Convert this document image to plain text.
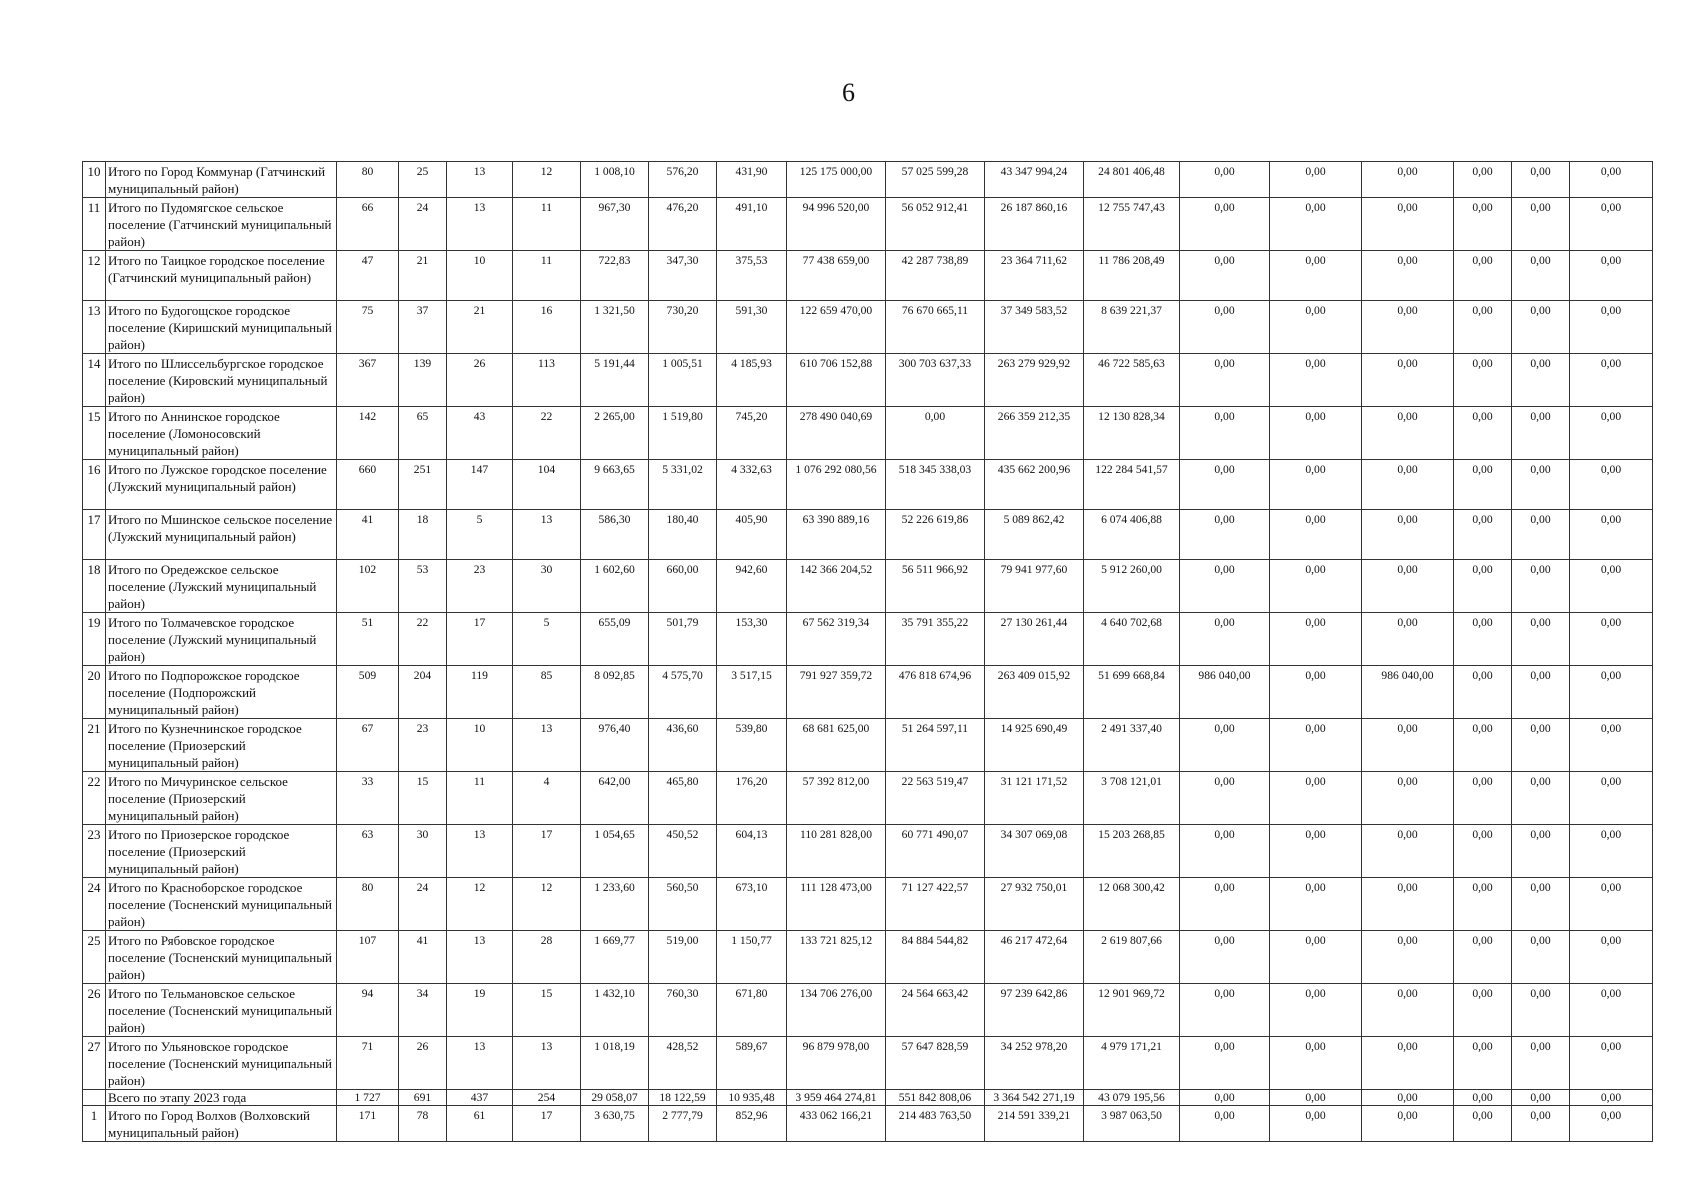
6
10	Итого по Город Коммунар (Гатчинский муниципальный район)	80	25	13	12	1 008,10	576,20	431,90	125 175 000,00	57 025 599,28	43 347 994,24	24 801 406,48	0,00	0,00	0,00	0,00	0,00	0,00
11	Итого по Пудомягское сельское поселение (Гатчинский муниципальный район)	66	24	13	11	967,30	476,20	491,10	94 996 520,00	56 052 912,41	26 187 860,16	12 755 747,43	0,00	0,00	0,00	0,00	0,00	0,00
12	Итого по Таицкое городское поселение (Гатчинский муниципальный район)	47	21	10	11	722,83	347,30	375,53	77 438 659,00	42 287 738,89	23 364 711,62	11 786 208,49	0,00	0,00	0,00	0,00	0,00	0,00
13	Итого по Будогощское городское поселение (Киришский муниципальный район)	75	37	21	16	1 321,50	730,20	591,30	122 659 470,00	76 670 665,11	37 349 583,52	8 639 221,37	0,00	0,00	0,00	0,00	0,00	0,00
14	Итого по Шлиссельбургское городское поселение (Кировский муниципальный район)	367	139	26	113	5 191,44	1 005,51	4 185,93	610 706 152,88	300 703 637,33	263 279 929,92	46 722 585,63	0,00	0,00	0,00	0,00	0,00	0,00
15	Итого по Аннинское городское поселение (Ломоносовский муниципальный район)	142	65	43	22	2 265,00	1 519,80	745,20	278 490 040,69	0,00	266 359 212,35	12 130 828,34	0,00	0,00	0,00	0,00	0,00	0,00
16	Итого по Лужское городское поселение (Лужский муниципальный район)	660	251	147	104	9 663,65	5 331,02	4 332,63	1 076 292 080,56	518 345 338,03	435 662 200,96	122 284 541,57	0,00	0,00	0,00	0,00	0,00	0,00
17	Итого по Мшинское сельское поселение (Лужский муниципальный район)	41	18	5	13	586,30	180,40	405,90	63 390 889,16	52 226 619,86	5 089 862,42	6 074 406,88	0,00	0,00	0,00	0,00	0,00	0,00
18	Итого по Оредежское сельское поселение (Лужский муниципальный район)	102	53	23	30	1 602,60	660,00	942,60	142 366 204,52	56 511 966,92	79 941 977,60	5 912 260,00	0,00	0,00	0,00	0,00	0,00	0,00
19	Итого по Толмачевское городское поселение (Лужский муниципальный район)	51	22	17	5	655,09	501,79	153,30	67 562 319,34	35 791 355,22	27 130 261,44	4 640 702,68	0,00	0,00	0,00	0,00	0,00	0,00
20	Итого по Подпорожское городское поселение (Подпорожский муниципальный район)	509	204	119	85	8 092,85	4 575,70	3 517,15	791 927 359,72	476 818 674,96	263 409 015,92	51 699 668,84	986 040,00	0,00	986 040,00	0,00	0,00	0,00
21	Итого по Кузнечнинское городское поселение (Приозерский муниципальный район)	67	23	10	13	976,40	436,60	539,80	68 681 625,00	51 264 597,11	14 925 690,49	2 491 337,40	0,00	0,00	0,00	0,00	0,00	0,00
22	Итого по Мичуринское сельское поселение (Приозерский муниципальный район)	33	15	11	4	642,00	465,80	176,20	57 392 812,00	22 563 519,47	31 121 171,52	3 708 121,01	0,00	0,00	0,00	0,00	0,00	0,00
23	Итого по Приозерское городское поселение (Приозерский муниципальный район)	63	30	13	17	1 054,65	450,52	604,13	110 281 828,00	60 771 490,07	34 307 069,08	15 203 268,85	0,00	0,00	0,00	0,00	0,00	0,00
24	Итого по Красноборское городское поселение (Тосненский муниципальный район)	80	24	12	12	1 233,60	560,50	673,10	111 128 473,00	71 127 422,57	27 932 750,01	12 068 300,42	0,00	0,00	0,00	0,00	0,00	0,00
25	Итого по Рябовское городское поселение (Тосненский муниципальный район)	107	41	13	28	1 669,77	519,00	1 150,77	133 721 825,12	84 884 544,82	46 217 472,64	2 619 807,66	0,00	0,00	0,00	0,00	0,00	0,00
26	Итого по Тельмановское сельское поселение (Тосненский муниципальный район)	94	34	19	15	1 432,10	760,30	671,80	134 706 276,00	24 564 663,42	97 239 642,86	12 901 969,72	0,00	0,00	0,00	0,00	0,00	0,00
27	Итого по Ульяновское городское поселение (Тосненский муниципальный район)	71	26	13	13	1 018,19	428,52	589,67	96 879 978,00	57 647 828,59	34 252 978,20	4 979 171,21	0,00	0,00	0,00	0,00	0,00	0,00
	Всего по этапу 2023 года	1 727	691	437	254	29 058,07	18 122,59	10 935,48	3 959 464 274,81	551 842 808,06	3 364 542 271,19	43 079 195,56	0,00	0,00	0,00	0,00	0,00	0,00
1	Итого по Город Волхов (Волховский муниципальный район)	171	78	61	17	3 630,75	2 777,79	852,96	433 062 166,21	214 483 763,50	214 591 339,21	3 987 063,50	0,00	0,00	0,00	0,00	0,00	0,00
